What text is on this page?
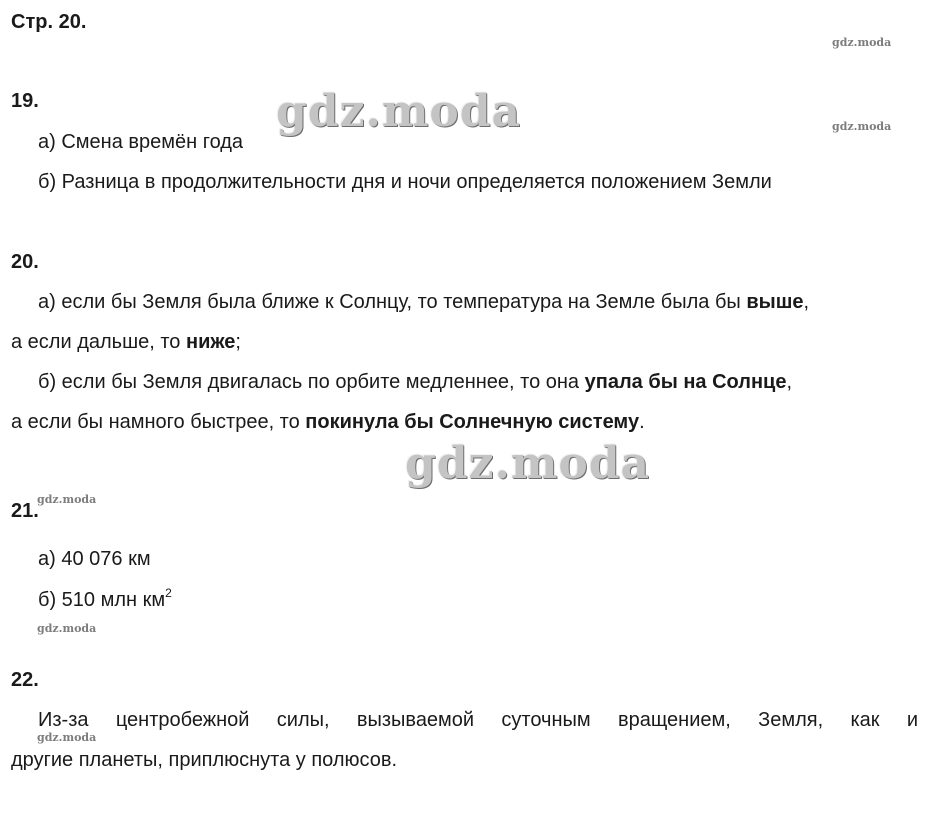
Стр. 20.
19.
а) Смена времён года
б) Разница в продолжительности дня и ночи определяется положением Земли
20.
а) если бы Земля была ближе к Солнцу, то температура на Земле была бы выше,
а если дальше, то ниже;
б) если бы Земля двигалась по орбите медленнее, то она упала бы на Солнце,
а если бы намного быстрее, то покинула бы Солнечную систему.
21.
а) 40 076 км
б) 510 млн $км^2$
22.
Из-за центробежной силы, вызываемой суточным вращением, Земля, как и
другие планеты, приплюснута у полюсов.
gdz.moda
gdz.moda
gdz.moda
gdz.moda
gdz.moda
gdz.moda
gdz.moda
